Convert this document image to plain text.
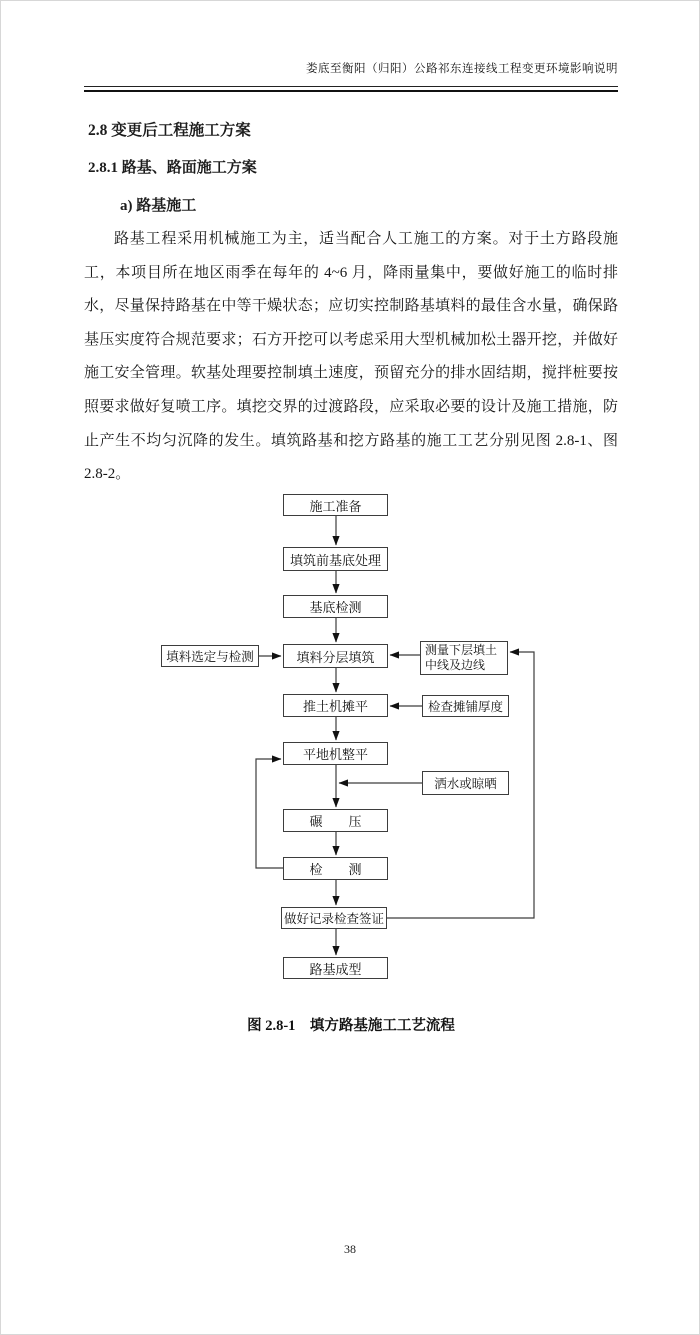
娄底至衡阳（归阳）公路祁东连接线工程变更环境影响说明
2.8 变更后工程施工方案
2.8.1 路基、路面施工方案
a) 路基施工

路基工程采用机械施工为主，适当配合人工施工的方案。对于土方路段施工，本项目所在地区雨季在每年的 4~6 月，降雨量集中，要做好施工的临时排水，尽量保持路基在中等干燥状态；应切实控制路基填料的最佳含水量，确保路基压实度符合规范要求；石方开挖可以考虑采用大型机械加松土器开挖，并做好施工安全管理。软基处理要控制填土速度，预留充分的排水固结期，搅拌桩要按照要求做好复喷工序。填挖交界的过渡路段，应采取必要的设计及施工措施，防止产生不均匀沉降的发生。填筑路基和挖方路基的施工工艺分别见图 2.8-1、图 2.8-2。

施工准备
填筑前基底处理
基底检测
填料分层填筑
推土机摊平
平地机整平
碾　　压
检　　测
做好记录检查签证
路基成型
填料选定与检测	测量下层填土中线及边线
检查摊铺厚度
洒水或晾晒
图 2.8-1　填方路基施工工艺流程
38
